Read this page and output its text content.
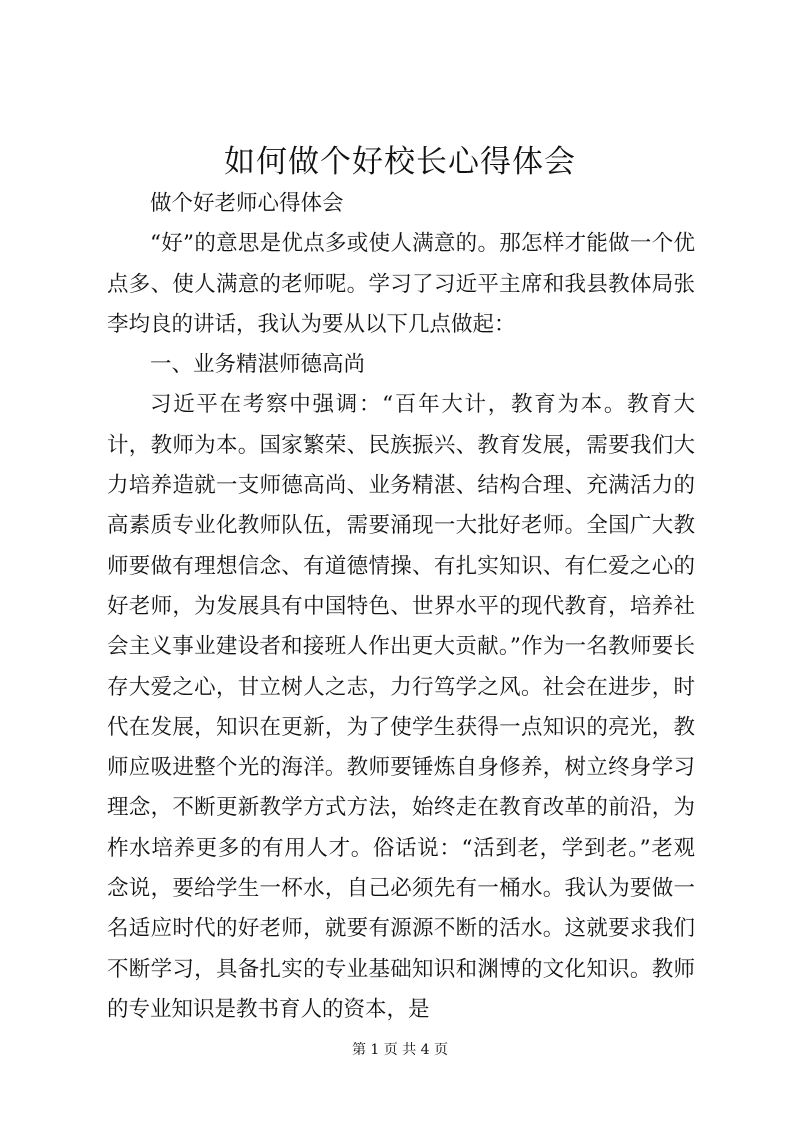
如何做个好校长心得体会

做个好老师心得体会

“好”的意思是优点多或使人满意的。那怎样才能做一个优点多、使人满意的老师呢。学习了习近平主席和我县教体局张李均良的讲话，我认为要从以下几点做起：

一、业务精湛师德高尚

习近平在考察中强调：“百年大计，教育为本。教育大计，教师为本。国家繁荣、民族振兴、教育发展，需要我们大力培养造就一支师德高尚、业务精湛、结构合理、充满活力的高素质专业化教师队伍，需要涌现一大批好老师。全国广大教师要做有理想信念、有道德情操、有扎实知识、有仁爱之心的好老师，为发展具有中国特色、世界水平的现代教育，培养社会主义事业建设者和接班人作出更大贡献。”作为一名教师要长存大爱之心，甘立树人之志，力行笃学之风。社会在进步，时代在发展，知识在更新，为了使学生获得一点知识的亮光，教师应吸进整个光的海洋。教师要锤炼自身修养，树立终身学习理念，不断更新教学方式方法，始终走在教育改革的前沿，为柞水培养更多的有用人才。俗话说：“活到老，学到老。”老观念说，要给学生一杯水，自己必须先有一桶水。我认为要做一名适应时代的好老师，就要有源源不断的活水。这就要求我们不断学习，具备扎实的专业基础知识和渊博的文化知识。教师的专业知识是教书育人的资本，是

第 1 页 共 4 页
